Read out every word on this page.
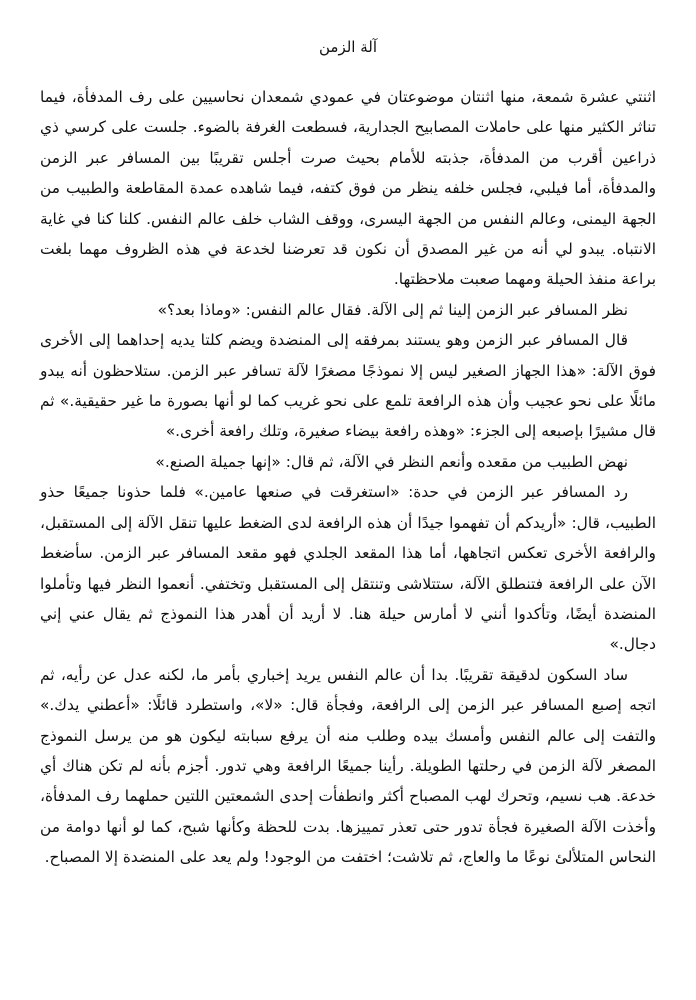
آلة الزمن

اثنتي عشرة شمعة، منها اثنتان موضوعتان في عمودي شمعدان نحاسيين على رف المدفأة، فيما تناثر الكثير منها على حاملات المصابيح الجدارية، فسطعت الغرفة بالضوء. جلست على كرسي ذي ذراعين أقرب من المدفأة، جذبته للأمام بحيث صرت أجلس تقريبًا بين المسافر عبر الزمن والمدفأة، أما فيلبي، فجلس خلفه ينظر من فوق كتفه، فيما شاهده عمدة المقاطعة والطبيب من الجهة اليمنى، وعالم النفس من الجهة اليسرى، ووقف الشاب خلف عالم النفس. كلنا كنا في غاية الانتباه. يبدو لي أنه من غير المصدق أن نكون قد تعرضنا لخدعة في هذه الظروف مهما بلغت براعة منفذ الحيلة ومهما صعبت ملاحظتها.

نظر المسافر عبر الزمن إلينا ثم إلى الآلة. فقال عالم النفس: «وماذا بعد؟»

قال المسافر عبر الزمن وهو يستند بمرفقه إلى المنضدة ويضم كلتا يديه إحداهما إلى الأخرى فوق الآلة: «هذا الجهاز الصغير ليس إلا نموذجًا مصغرًا لآلة تسافر عبر الزمن. ستلاحظون أنه يبدو مائلًا على نحو عجيب وأن هذه الرافعة تلمع على نحو غريب كما لو أنها بصورة ما غير حقيقية.» ثم قال مشيرًا بإصبعه إلى الجزء: «وهذه رافعة بيضاء صغيرة، وتلك رافعة أخرى.»

نهض الطبيب من مقعده وأنعم النظر في الآلة، ثم قال: «إنها جميلة الصنع.»

رد المسافر عبر الزمن في حدة: «استغرقت في صنعها عامين.» فلما حذونا جميعًا حذو الطبيب، قال: «أريدكم أن تفهموا جيدًا أن هذه الرافعة لدى الضغط عليها تنقل الآلة إلى المستقبل، والرافعة الأخرى تعكس اتجاهها، أما هذا المقعد الجلدي فهو مقعد المسافر عبر الزمن. سأضغط الآن على الرافعة فتنطلق الآلة، ستتلاشى وتنتقل إلى المستقبل وتختفي. أنعموا النظر فيها وتأملوا المنضدة أيضًا، وتأكدوا أنني لا أمارس حيلة هنا. لا أريد أن أهدر هذا النموذج ثم يقال عني إني دجال.»

ساد السكون لدقيقة تقريبًا. بدا أن عالم النفس يريد إخباري بأمر ما، لكنه عدل عن رأيه، ثم اتجه إصبع المسافر عبر الزمن إلى الرافعة، وفجأة قال: «لا»، واستطرد قائلًا: «أعطني يدك.» والتفت إلى عالم النفس وأمسك بيده وطلب منه أن يرفع سبابته ليكون هو من يرسل النموذج المصغر لآلة الزمن في رحلتها الطويلة. رأينا جميعًا الرافعة وهي تدور. أجزم بأنه لم تكن هناك أي خدعة. هب نسيم، وتحرك لهب المصباح أكثر وانطفأت إحدى الشمعتين اللتين حملهما رف المدفأة، وأخذت الآلة الصغيرة فجأة تدور حتى تعذر تمييزها. بدت للحظة وكأنها شبح، كما لو أنها دوامة من النحاس المتلألئ نوعًا ما والعاج، ثم تلاشت؛ اختفت من الوجود! ولم يعد على المنضدة إلا المصباح.
